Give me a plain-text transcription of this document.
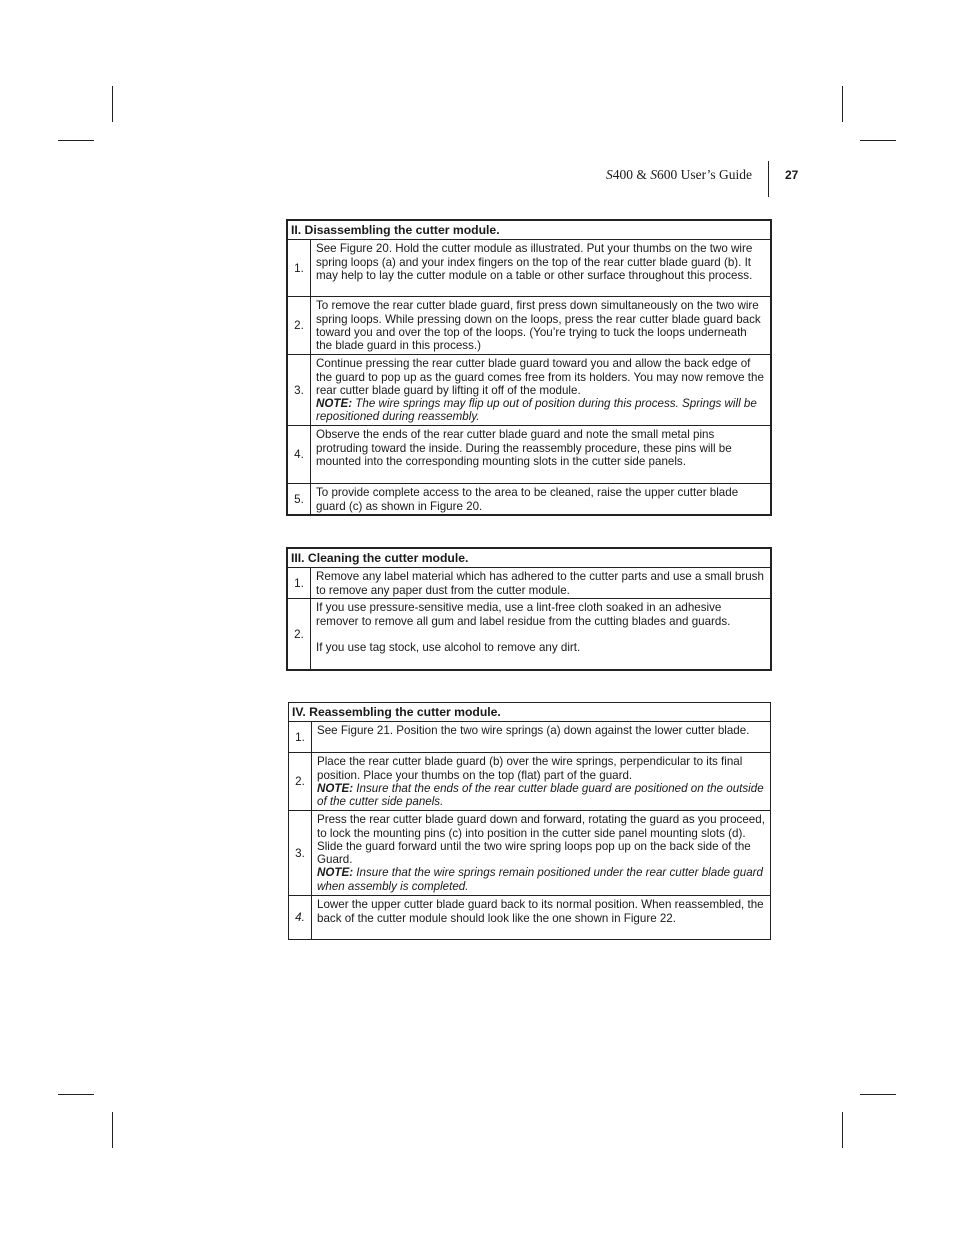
S400 & S600 User’s Guide	27
II. Disassembling the cutter module.	
1.	See Figure 20. Hold the cutter module as illustrated. Put your thumbs on the two wire spring loops (a) and your index fingers on the top of the rear cutter blade guard (b). It may help to lay the cutter module on a table or other surface throughout this process.
2.	To remove the rear cutter blade guard, first press down simultaneously on the two wire spring loops. While pressing down on the loops, press the rear cutter blade guard back toward you and over the top of the loops. (You’re trying to tuck the loops underneath the blade guard in this process.)
3.	Continue pressing the rear cutter blade guard toward you and allow the back edge of the guard to pop up as the guard comes free from its holders. You may now remove the rear cutter blade guard by lifting it off of the module.
NOTE: The wire springs may flip up out of position during this process. Springs will be repositioned during reassembly.
4.	Observe the ends of the rear cutter blade guard and note the small metal pins protruding toward the inside. During the reassembly procedure, these pins will be mounted into the corresponding mounting slots in the cutter side panels.
5.	To provide complete access to the area to be cleaned, raise the upper cutter blade guard (c) as shown in Figure 20.
III. Cleaning the cutter module.	
1.	Remove any label material which has adhered to the cutter parts and use a small brush to remove any paper dust from the cutter module.
2.	If you use pressure-sensitive media, use a lint-free cloth soaked in an adhesive remover to remove all gum and label residue from the cutting blades and guards.
If you use tag stock, use alcohol to remove any dirt.
IV. Reassembling the cutter module.	
1.	See Figure 21. Position the two wire springs (a) down against the lower cutter blade.
2.	Place the rear cutter blade guard (b) over the wire springs, perpendicular to its final position. Place your thumbs on the top (flat) part of the guard.
NOTE: Insure that the ends of the rear cutter blade guard are positioned on the outside of the cutter side panels.
3.	Press the rear cutter blade guard down and forward, rotating the guard as you proceed, to lock the mounting pins (c) into position in the cutter side panel mounting slots (d). Slide the guard forward until the two wire spring loops pop up on the back side of the Guard.
NOTE: Insure that the wire springs remain positioned under the rear cutter blade guard when assembly is completed.
4.	Lower the upper cutter blade guard back to its normal position. When reassembled, the back of the cutter module should look like the one shown in Figure 22.
